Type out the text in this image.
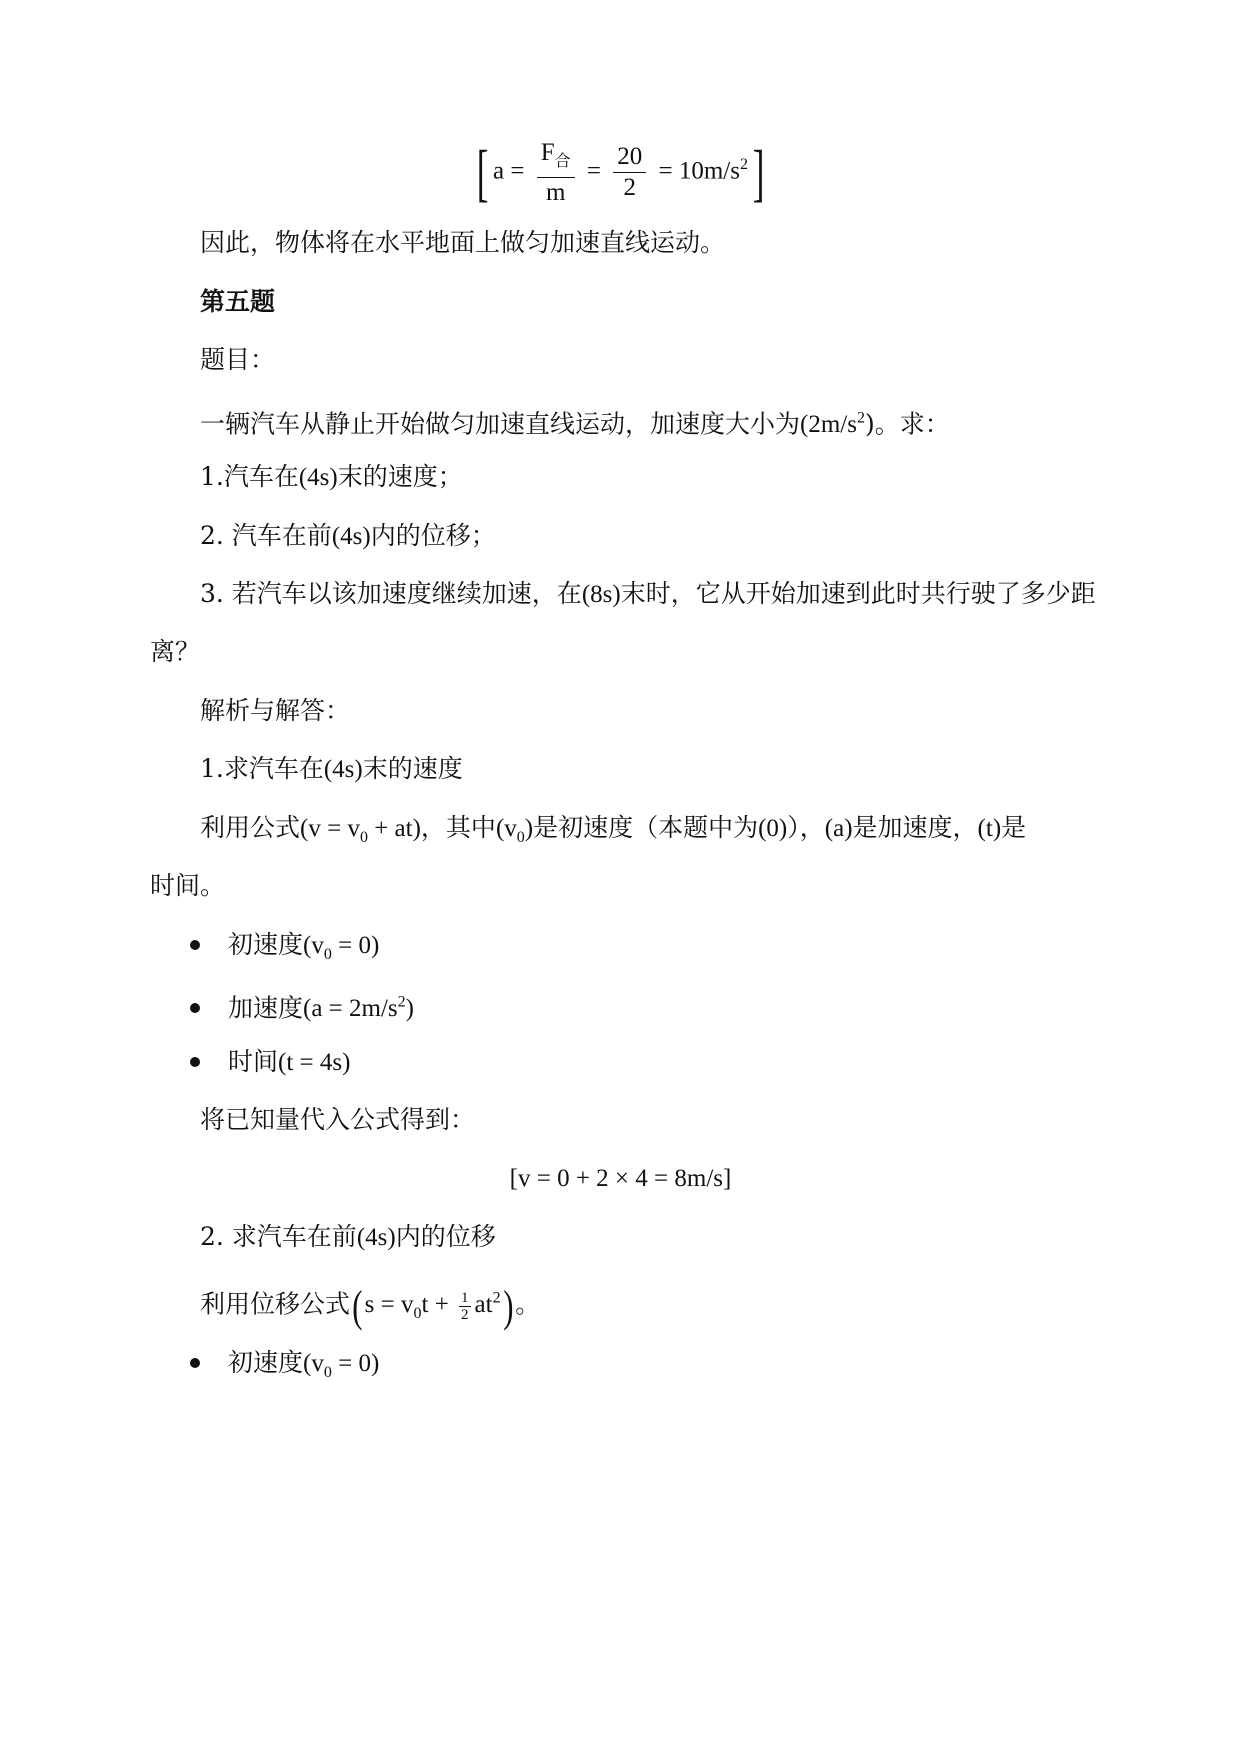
[ $a = \frac{F_合}{m} = \frac{20}{2} = 10m/s^2$]
因此，物体将在水平地面上做匀加速直线运动。
第五题
题目：
一辆汽车从静止开始做匀加速直线运动，加速度大小为$(2m/s^2)$。求：
1.汽车在(4s)末的速度；
2. 汽车在前(4s)内的位移；
3. 若汽车以该加速度继续加速，在(8s)末时，它从开始加速到此时共行驶了多少距
离？
解析与解答：
1.求汽车在(4s)末的速度
利用公式$(v = v_0 + at)$，其中$(v_0)$是初速度（本题中为(0)），(a)是加速度，(t)是
时间。
初速度$(v_0 = 0)$
加速度$(a = 2m/s^2)$
时间(t = 4s)
将已知量代入公式得到：
[v = 0 + 2 × 4 = 8m/s]
2. 求汽车在前(4s)内的位移
利用位移公式$(s = v_0t + \frac{1}{2} at^2)$。
初速度$(v_0 = 0)$
